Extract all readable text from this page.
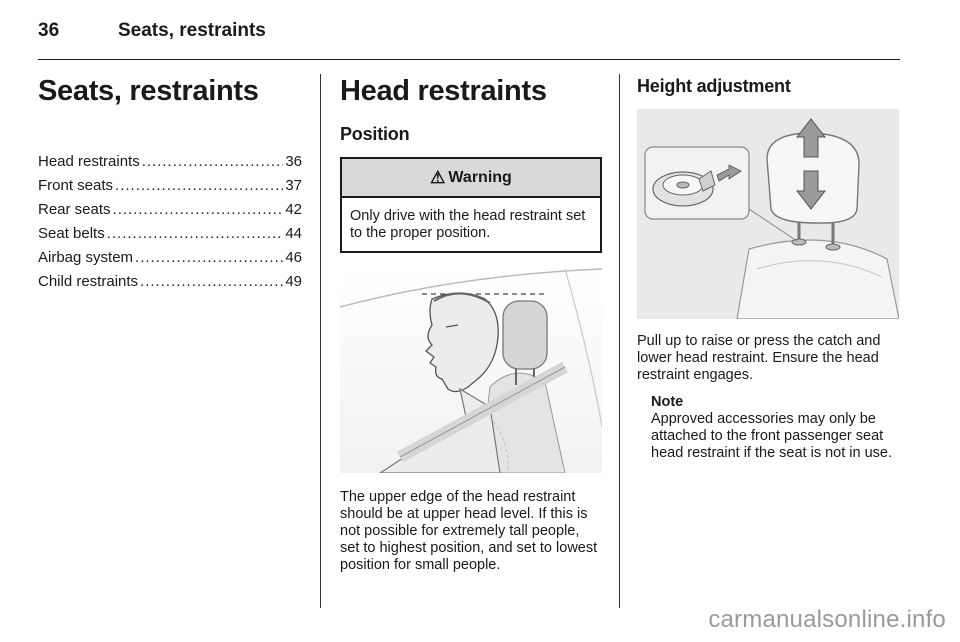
36	Seats, restraints
Seats, restraints
Head restraints .....	36
Front seats .....	37
Rear seats .....	42
Seat belts .....	44
Airbag system .....	46
Child restraints .....	49
Head restraints
Position
⚠ Warning
Only drive with the head restraint set to the proper position.

The upper edge of the head restraint should be at upper head level. If this is not possible for extremely tall people, set to highest position, and set to lowest position for small people.

Height adjustment

Pull up to raise or press the catch and lower head restraint. Ensure the head restraint engages.

Note
Approved accessories may only be attached to the front passenger seat head restraint if the seat is not in use.
carmanualsonline.info
